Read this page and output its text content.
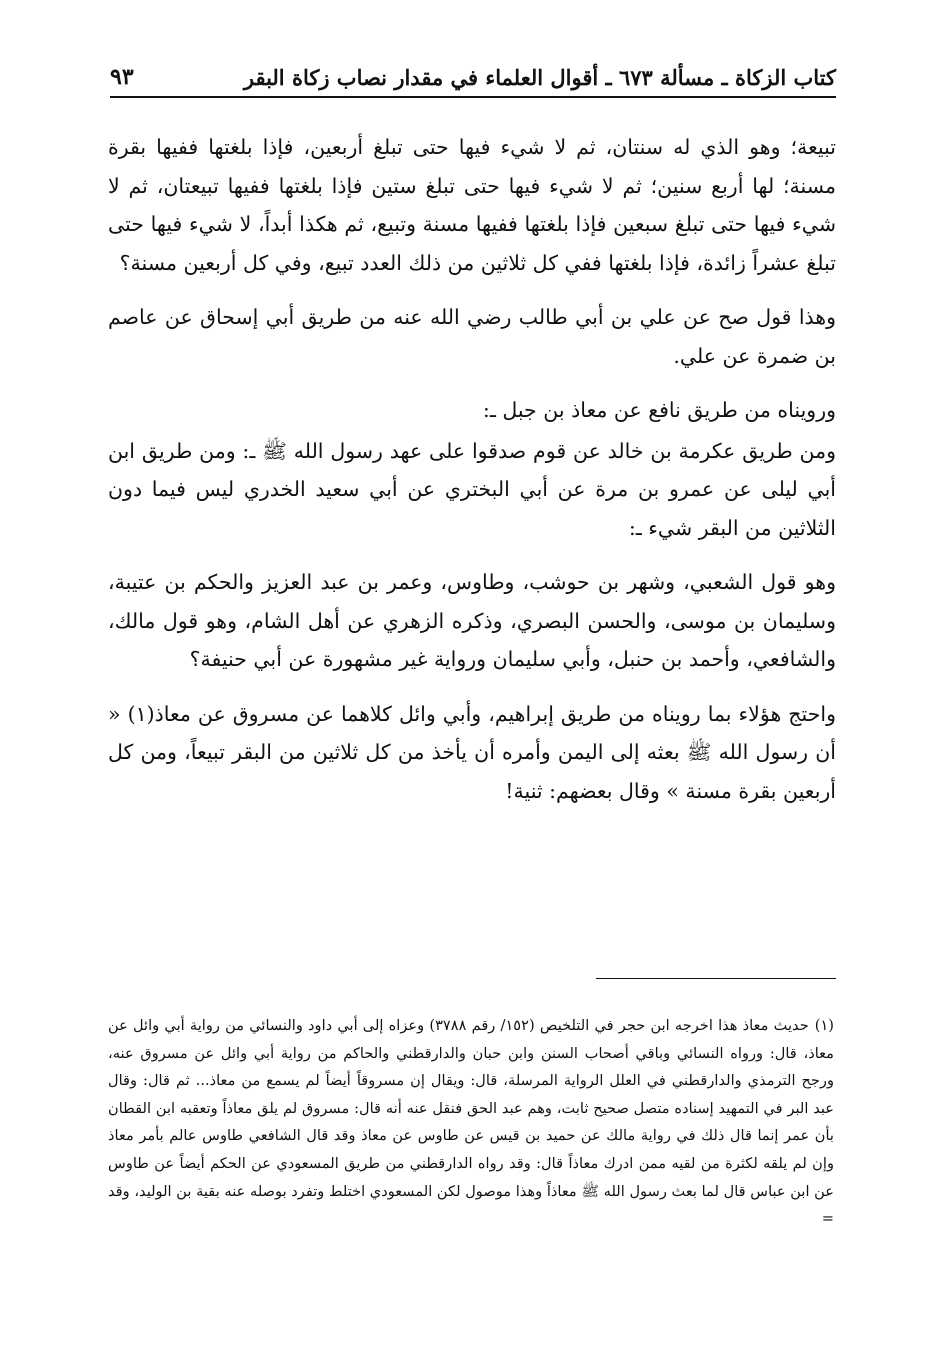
كتاب الزكاة ـ مسألة ٦٧٣ ـ أقوال العلماء في مقدار نصاب زكاة البقر
٩٣

تبيعة؛ وهو الذي له سنتان، ثم لا شيء فيها حتى تبلغ أربعين، فإذا بلغتها ففيها بقرة مسنة؛ لها أربع سنين؛ ثم لا شيء فيها حتى تبلغ ستين فإذا بلغتها ففيها تبيعتان، ثم لا شيء فيها حتى تبلغ سبعين فإذا بلغتها ففيها مسنة وتبيع، ثم هكذا أبداً، لا شيء فيها حتى تبلغ عشراً زائدة، فإذا بلغتها ففي كل ثلاثين من ذلك العدد تبيع، وفي كل أربعين مسنة؟

وهذا قول صح عن علي بن أبي طالب رضي الله عنه من طريق أبي إسحاق عن عاصم بن ضمرة عن علي.

ورويناه من طريق نافع عن معاذ بن جبل ـ:

ومن طريق عكرمة بن خالد عن قوم صدقوا على عهد رسول الله ﷺ ـ: ومن طريق ابن أبي ليلى عن عمرو بن مرة عن أبي البختري عن أبي سعيد الخدري ليس فيما دون الثلاثين من البقر شيء ـ:

وهو قول الشعبي، وشهر بن حوشب، وطاوس، وعمر بن عبد العزيز والحكم بن عتيبة، وسليمان بن موسى، والحسن البصري، وذكره الزهري عن أهل الشام، وهو قول مالك، والشافعي، وأحمد بن حنبل، وأبي سليمان ورواية غير مشهورة عن أبي حنيفة؟

واحتج هؤلاء بما رويناه من طريق إبراهيم، وأبي وائل كلاهما عن مسروق عن معاذ(١) « أن رسول الله ﷺ بعثه إلى اليمن وأمره أن يأخذ من كل ثلاثين من البقر تبيعاً، ومن كل أربعين بقرة مسنة » وقال بعضهم: ثنية!

(١)حديث معاذ هذا اخرجه ابن حجر في التلخيص (١٥٢/ رقم ٣٧٨٨) وعزاه إلى أبي داود والنسائي من رواية أبي وائل عن معاذ، قال: ورواه النسائي وباقي أصحاب السنن وابن حبان والدارقطني والحاكم من رواية أبي وائل عن مسروق عنه، ورجح الترمذي والدارقطني في العلل الرواية المرسلة، قال: ويقال إن مسروقاً أيضاً لم يسمع من معاذ... ثم قال: وقال عبد البر في التمهيد إسناده متصل صحيح ثابت، وهم عبد الحق فنقل عنه أنه قال: مسروق لم يلق معاذاً وتعقبه ابن القطان بأن عمر إنما قال ذلك في رواية مالك عن حميد بن قيس عن طاوس عن معاذ وقد قال الشافعي طاوس عالم بأمر معاذ وإن لم يلقه لكثرة من لقيه ممن ادرك معاذاً قال: وقد رواه الدارقطني من طريق المسعودي عن الحكم أيضاً عن طاوس عن ابن عباس قال لما بعث رسول الله ﷺ معاذاً وهذا موصول لكن المسعودي اختلط وتفرد بوصله عنه بقية بن الوليد، وقد =
